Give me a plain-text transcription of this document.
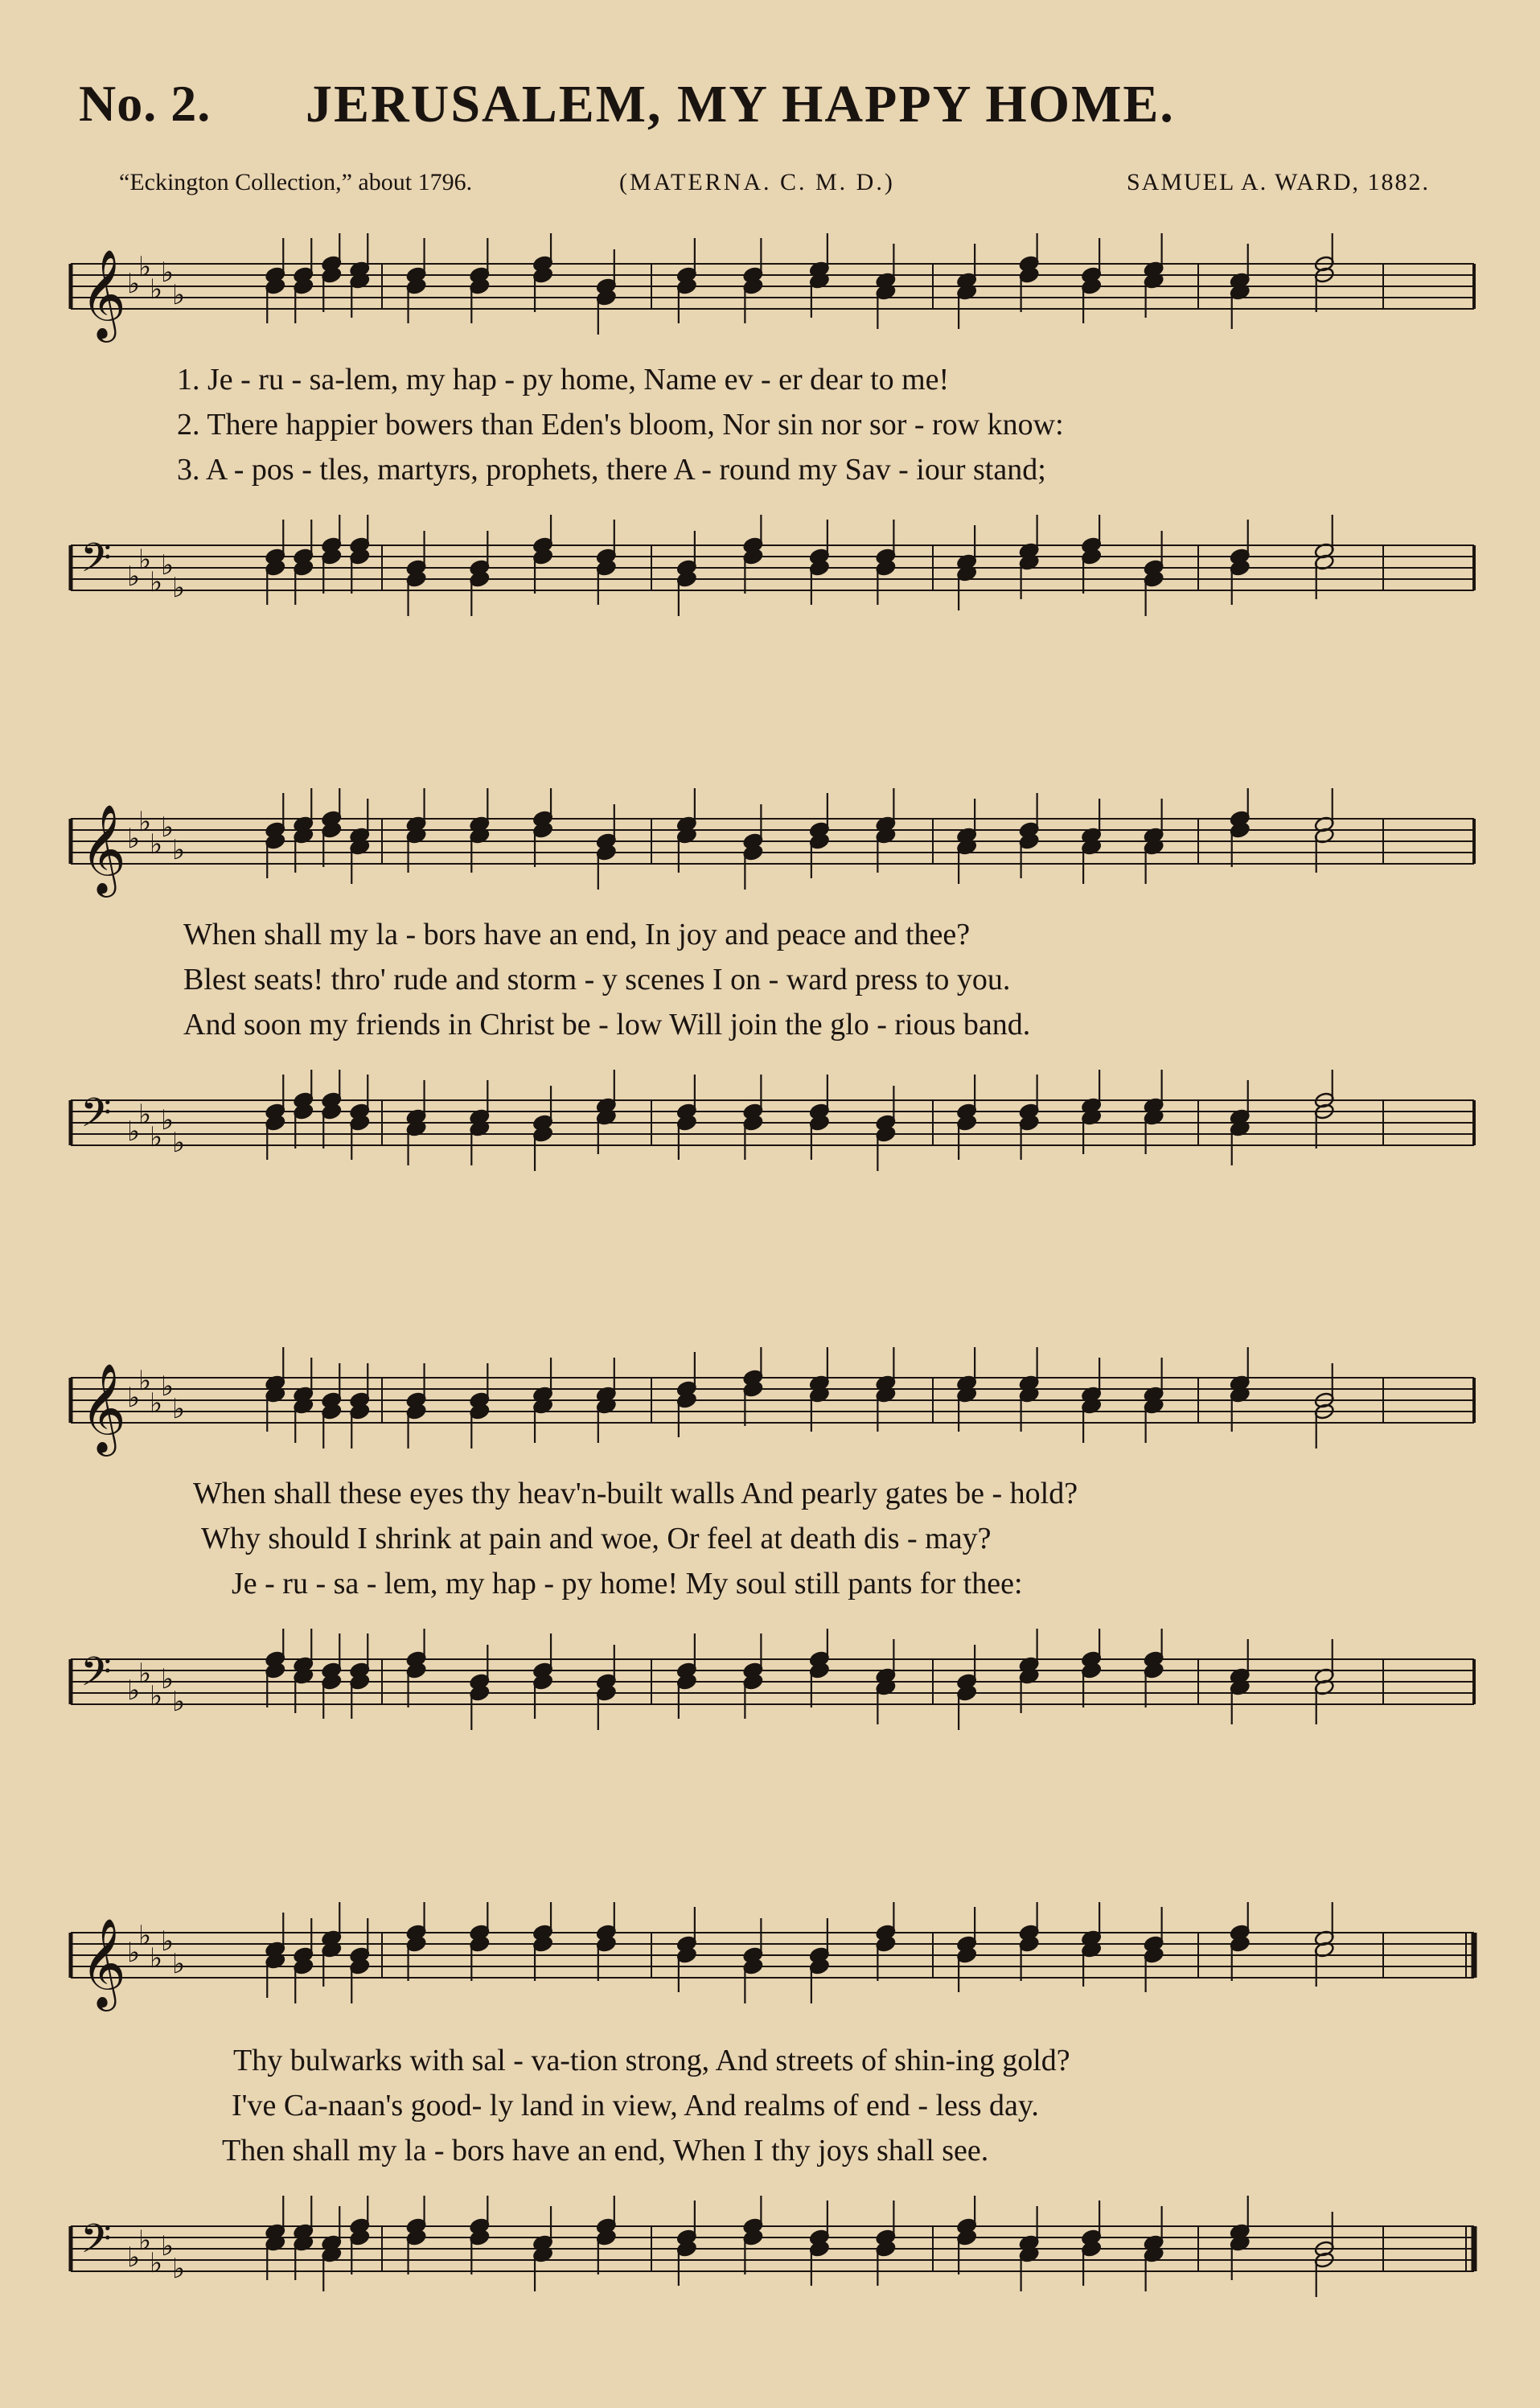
No. 2. JERUSALEM, MY HAPPY HOME.
“Eckington Collection,” about 1796.	(MATERNA. C. M. D.)	SAMUEL A. WARD, 1882.
𝄞 ♭
♭
♭
♭
♭
1. Je - ru - sa-lem, my hap - py home, Name ev - er dear to me!
2. There happier bowers than Eden's bloom, Nor sin nor sor - row know:
3. A - pos - tles, martyrs, prophets, there A - round my Sav - iour stand;
𝄢 ♭
♭
♭
♭
♭
𝄞 ♭
♭
♭
♭
♭
When shall my la - bors have an end, In joy and peace and thee?
Blest seats! thro' rude and storm - y scenes I on - ward press to you.
And soon my friends in Christ be - low Will join the glo - rious band.
𝄢 ♭
♭
♭
♭
♭
𝄞 ♭
♭
♭
♭
♭
When shall these eyes thy heav'n-built walls And pearly gates be - hold?
Why should I shrink at pain and woe, Or feel at death dis - may?
Je - ru - sa - lem, my hap - py home! My soul still pants for thee:
𝄢 ♭
♭
♭
♭
♭
𝄞 ♭
♭
♭
♭
♭
Thy bulwarks with sal - va-tion strong, And streets of shin-ing gold?
I've Ca-naan's good- ly land in view, And realms of end - less day.
Then shall my la - bors have an end, When I thy joys shall see.
𝄢 ♭
♭
♭
♭
♭
